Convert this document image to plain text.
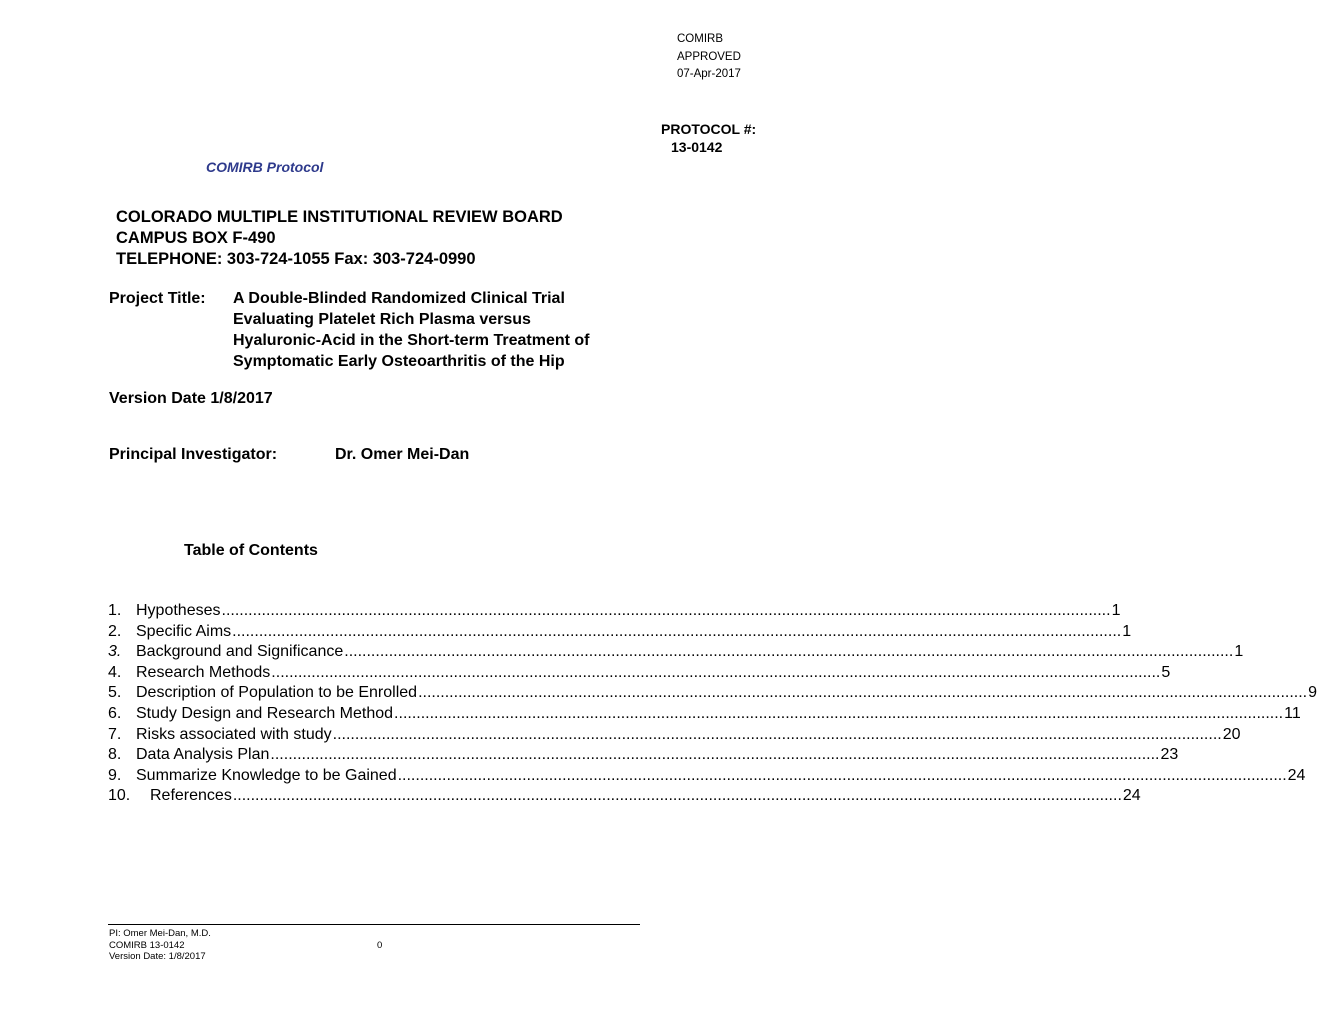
COMIRB
APPROVED
07-Apr-2017
PROTOCOL #:
13-0142
COMIRB Protocol
COLORADO MULTIPLE INSTITUTIONAL REVIEW BOARD
CAMPUS BOX F-490
TELEPHONE: 303-724-1055 Fax: 303-724-0990
Project Title: A Double-Blinded Randomized Clinical Trial
Evaluating Platelet Rich Plasma versus
Hyaluronic-Acid in the Short-term Treatment of
Symptomatic Early Osteoarthritis of the Hip
Version Date 1/8/2017
Principal Investigator:	Dr. Omer Mei-Dan
Table of Contents
1. Hypotheses ........................................................................................................................................................................................................ 1
2. Specific Aims ........................................................................................................................................................................................................ 1
3. Background and Significance ........................................................................................................................................................................................................ 1
4. Research Methods ........................................................................................................................................................................................................ 5
5. Description of Population to be Enrolled ........................................................................................................................................................................................................ 9
6. Study Design and Research Method ........................................................................................................................................................................................................ 11
7. Risks associated with study ........................................................................................................................................................................................................ 20
8. Data Analysis Plan ........................................................................................................................................................................................................ 23
9. Summarize Knowledge to be Gained ........................................................................................................................................................................................................ 24
10.	References ........................................................................................................................................................................................................ 24
PI: Omer Mei-Dan, M.D.
COMIRB 13-0142
Version Date: 1/8/2017
0
